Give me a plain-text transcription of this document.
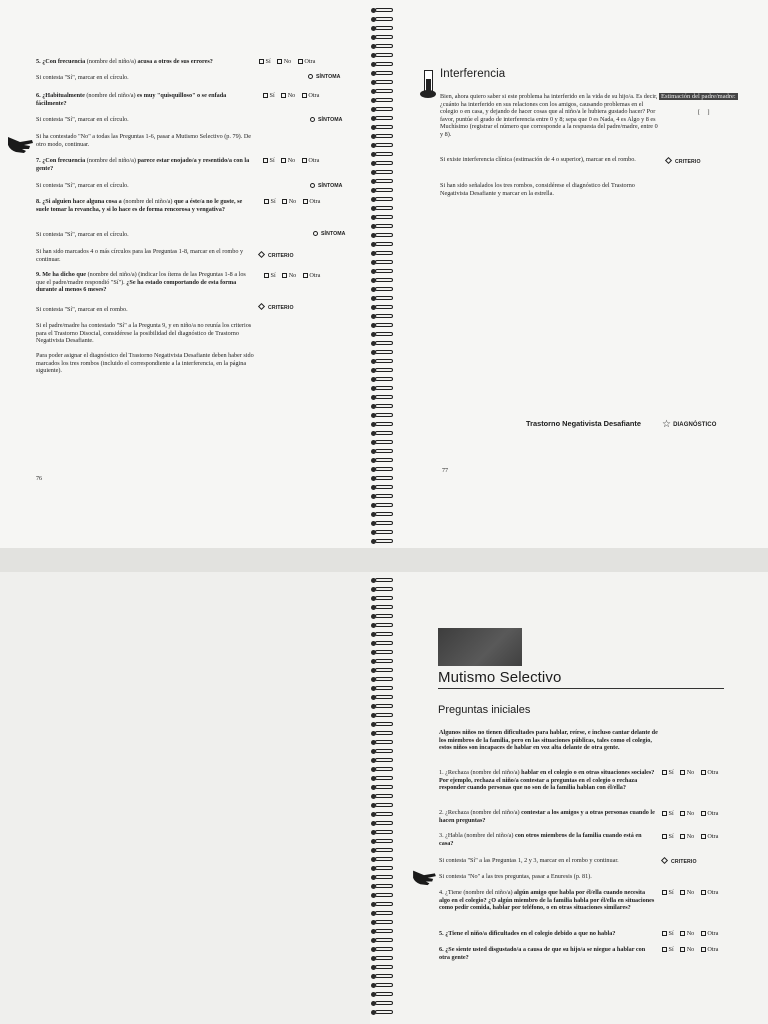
5. ¿Con frecuencia (nombre del niño/a) acusa a otros de sus errores?	Sí No Otra
Si contesta "Sí", marcar en el círculo.	SÍNTOMA
6. ¿Habitualmente (nombre del niño/a) es muy "quisquilloso" o se enfada fácilmente?
Sí No Otra
Si contesta "Sí", marcar en el círculo.	SÍNTOMA
Si ha contestado "No" a todas las Preguntas 1-6, pasar a Mutismo Selectivo (p. 79). De otro modo, continuar.
7. ¿Con frecuencia (nombre del niño/a) parece estar enojado/a y resentido/a con la gente?
Sí No Otra
Si contesta "Sí", marcar en el círculo.	SÍNTOMA
8. ¿Si alguien hace alguna cosa a (nombre del niño/a) que a éste/a no le guste, se suele tomar la revancha, y si lo hace es de forma rencorosa y vengativa?
Sí No Otra
Si contesta "Sí", marcar en el círculo.	SÍNTOMA
Si han sido marcados 4 o más círculos para las Preguntas 1-8, marcar en el rombo y continuar.	CRITERIO
9. Me ha dicho que (nombre del niño/a) (indicar los ítems de las Preguntas 1-8 a los que el padre/madre respondió "Sí"). ¿Se ha estado comportando de esta forma durante al menos 6 meses?
Sí No Otra
Si contesta "Sí", marcar en el rombo.	CRITERIO
Si el padre/madre ha contestado "Sí" a la Pregunta 9, y en niño/a no reunía los criterios para el Trastorno Disocial, considérese la posibilidad del diagnóstico de Trastorno Negativista Desafiante.
Para poder asignar el diagnóstico del Trastorno Negativista Desafiante deben haber sido marcados los tres rombos (incluido el correspondiente a la interferencia, en la página siguiente).
76
Interferencia
Bien, ahora quiero saber si este problema ha interferido en la vida de su hijo/a. Es decir, ¿cuánto ha interferido en sus relaciones con los amigos, causando problemas en el colegio o en casa, y dejando de hacer cosas que al niño/a le hubiera gustado hacer? Por favor, puntúe el grado de interferencia entre 0 y 8; sepa que 0 es Nada, 4 es Algo y 8 es Muchísimo (registrar el número que corresponde a la respuesta del padre/madre, entre 0 y 8).
Estimación del padre/madre:
[ ]
Si existe interferencia clínica (estimación de 4 o superior), marcar en el rombo.	CRITERIO
Si han sido señalados los tres rombos, considérese el diagnóstico del Trastorno Negativista Desafiante y marcar en la estrella.
Trastorno Negativista Desafiante ☆ DIAGNÓSTICO
77
Mutismo Selectivo
Preguntas iniciales
Algunos niños no tienen dificultades para hablar, reírse, e incluso cantar delante de los miembros de la familia, pero en las situaciones públicas, tales como el colegio, estos niños son incapaces de hablar en voz alta delante de otra gente.
1. ¿Rechaza (nombre del niño/a) hablar en el colegio o en otras situaciones sociales? Por ejemplo, rechaza el niño/a contestar a preguntas en el colegio o rechaza responder cuando personas que no son de la familia hablan con él/ella?
Sí No Otra
2. ¿Rechaza (nombre del niño/a) contestar a los amigos y a otras personas cuando le hacen preguntas?
Sí No Otra
3. ¿Habla (nombre del niño/a) con otros miembros de la familia cuando está en casa?
Sí No Otra
Si contesta "Sí" a las Preguntas 1, 2 y 3, marcar en el rombo y continuar.	CRITERIO
Si contesta "No" a las tres preguntas, pasar a Enuresis (p. 81).
4. ¿Tiene (nombre del niño/a) algún amigo que habla por él/ella cuando necesita algo en el colegio? ¿O algún miembro de la familia habla por él/ella en situaciones como pedir comida, hablar por teléfono, o en otras situaciones similares?
Sí No Otra
5. ¿Tiene el niño/a dificultades en el colegio debido a que no habla?	Sí No Otra
6. ¿Se siente usted disgustado/a a causa de que su hijo/a se niegue a hablar con otra gente?
Sí No Otra
